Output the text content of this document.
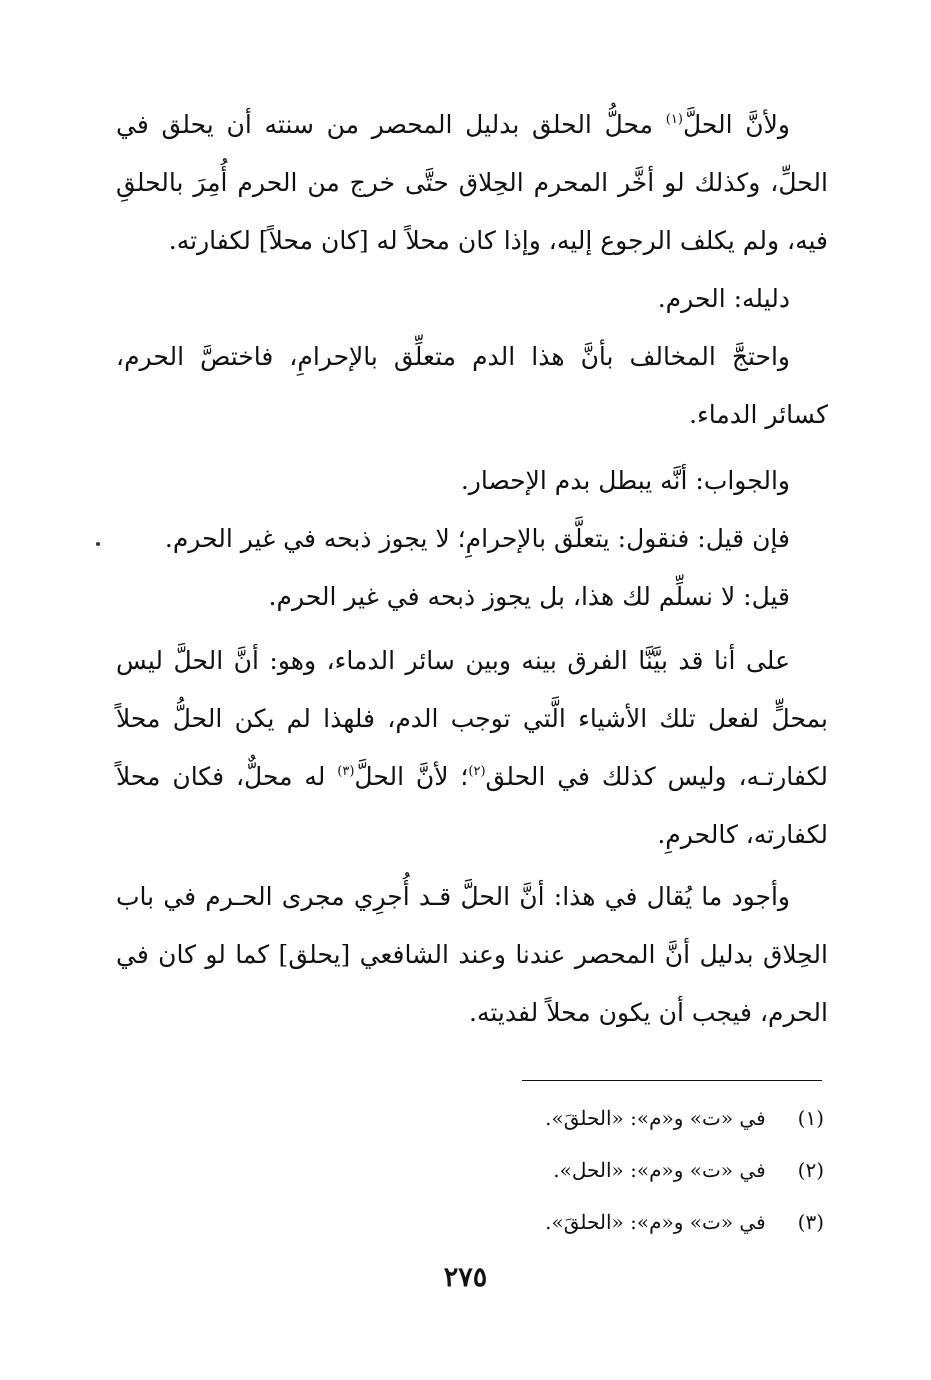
ولأنَّ الحلَّ$^{(١)}$ محلُّ الحلق بدليل المحصر من سنته أن يحلق في الحلِّ، وكذلك لو أخَّر المحرم الحِلاق حتَّى خرج من الحرم أُمِرَ بالحلقِ فيه، ولم يكلف الرجوع إليه، وإذا كان محلاً له [كان محلاً] لكفارته.

دليله: الحرم.

واحتجَّ المخالف بأنَّ هذا الدم متعلِّق بالإحرامِ، فاختصَّ الحرم، كسائر الدماء.

والجواب: أنَّه يبطل بدم الإحصار.

فإن قيل: فنقول: يتعلَّق بالإحرامِ؛ لا يجوز ذبحه في غير الحرم.

قيل: لا نسلِّم لك هذا، بل يجوز ذبحه في غير الحرم.

على أنا قد بيَّنَّا الفرق بينه وبين سائر الدماء، وهو: أنَّ الحلَّ ليس بمحلٍّ لفعل تلك الأشياء الَّتي توجب الدم، فلهذا لم يكن الحلُّ محلاً لكفارتـه، وليس كذلك في الحلق$^{(٢)}$؛ لأنَّ الحلَّ$^{(٣)}$ له محلٌّ، فكان محلاً لكفارته، كالحرمِ.

وأجود ما يُقال في هذا: أنَّ الحلَّ قـد أُجرِي مجرى الحـرم في باب الحِلاق بدليل أنَّ المحصر عندنا وعند الشافعي [يحلق] كما لو كان في الحرم، فيجب أن يكون محلاً لفديته.

(١) في «ت» و«م»: «الحلقَ».
(٢) في «ت» و«م»: «الحل».
(٣) في «ت» و«م»: «الحلقَ».
٢٧٥
